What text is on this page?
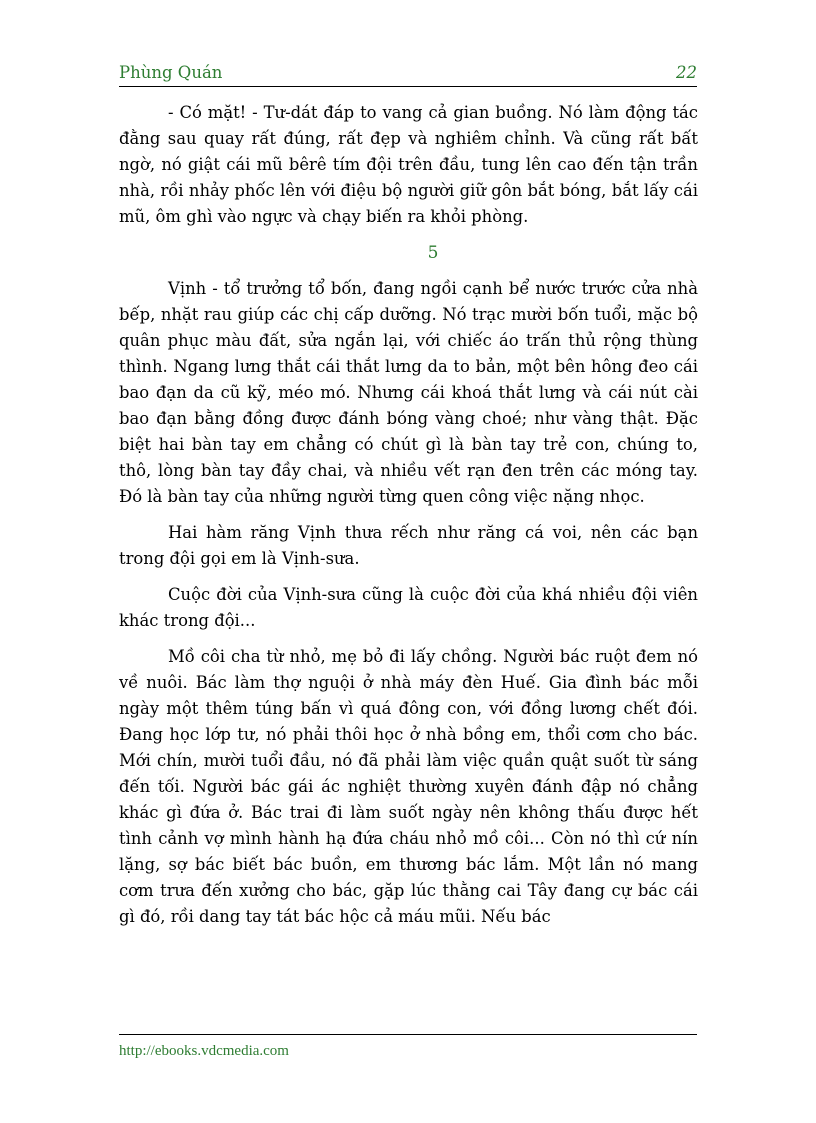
Phùng Quán	22

- Có mặt! - Tư-dát đáp to vang cả gian buồng. Nó làm động tác đằng sau quay rất đúng, rất đẹp và nghiêm chỉnh. Và cũng rất bất ngờ, nó giật cái mũ bêrê tím đội trên đầu, tung lên cao đến tận trần nhà, rồi nhảy phốc lên với điệu bộ người giữ gôn bắt bóng, bắt lấy cái mũ, ôm ghì vào ngực và chạy biến ra khỏi phòng.

5

Vịnh - tổ trưởng tổ bốn, đang ngồi cạnh bể nước trước cửa nhà bếp, nhặt rau giúp các chị cấp dưỡng. Nó trạc mười bốn tuổi, mặc bộ quân phục màu đất, sửa ngắn lại, với chiếc áo trấn thủ rộng thùng thình. Ngang lưng thắt cái thắt lưng da to bản, một bên hông đeo cái bao đạn da cũ kỹ, méo mó. Nhưng cái khoá thắt lưng và cái nút cài bao đạn bằng đồng được đánh bóng vàng choé; như vàng thật. Đặc biệt hai bàn tay em chẳng có chút gì là bàn tay trẻ con, chúng to, thô, lòng bàn tay đầy chai, và nhiều vết rạn đen trên các móng tay. Đó là bàn tay của những người từng quen công việc nặng nhọc.

Hai hàm răng Vịnh thưa rếch như răng cá voi, nên các bạn trong đội gọi em là Vịnh-sưa.

Cuộc đời của Vịnh-sưa cũng là cuộc đời của khá nhiều đội viên khác trong đội...

Mồ côi cha từ nhỏ, mẹ bỏ đi lấy chồng. Người bác ruột đem nó về nuôi. Bác làm thợ nguội ở nhà máy đèn Huế. Gia đình bác mỗi ngày một thêm túng bấn vì quá đông con, với đồng lương chết đói. Đang học lớp tư, nó phải thôi học ở nhà bồng em, thổi cơm cho bác. Mới chín, mười tuổi đầu, nó đã phải làm việc quần quật suốt từ sáng đến tối. Người bác gái ác nghiệt thường xuyên đánh đập nó chẳng khác gì đứa ở. Bác trai đi làm suốt ngày nên không thấu được hết tình cảnh vợ mình hành hạ đứa cháu nhỏ mồ côi... Còn nó thì cứ nín lặng, sợ bác biết bác buồn, em thương bác lắm. Một lần nó mang cơm trưa đến xưởng cho bác, gặp lúc thằng cai Tây đang cự bác cái gì đó, rồi dang tay tát bác hộc cả máu mũi. Nếu bác

http://ebooks.vdcmedia.com
